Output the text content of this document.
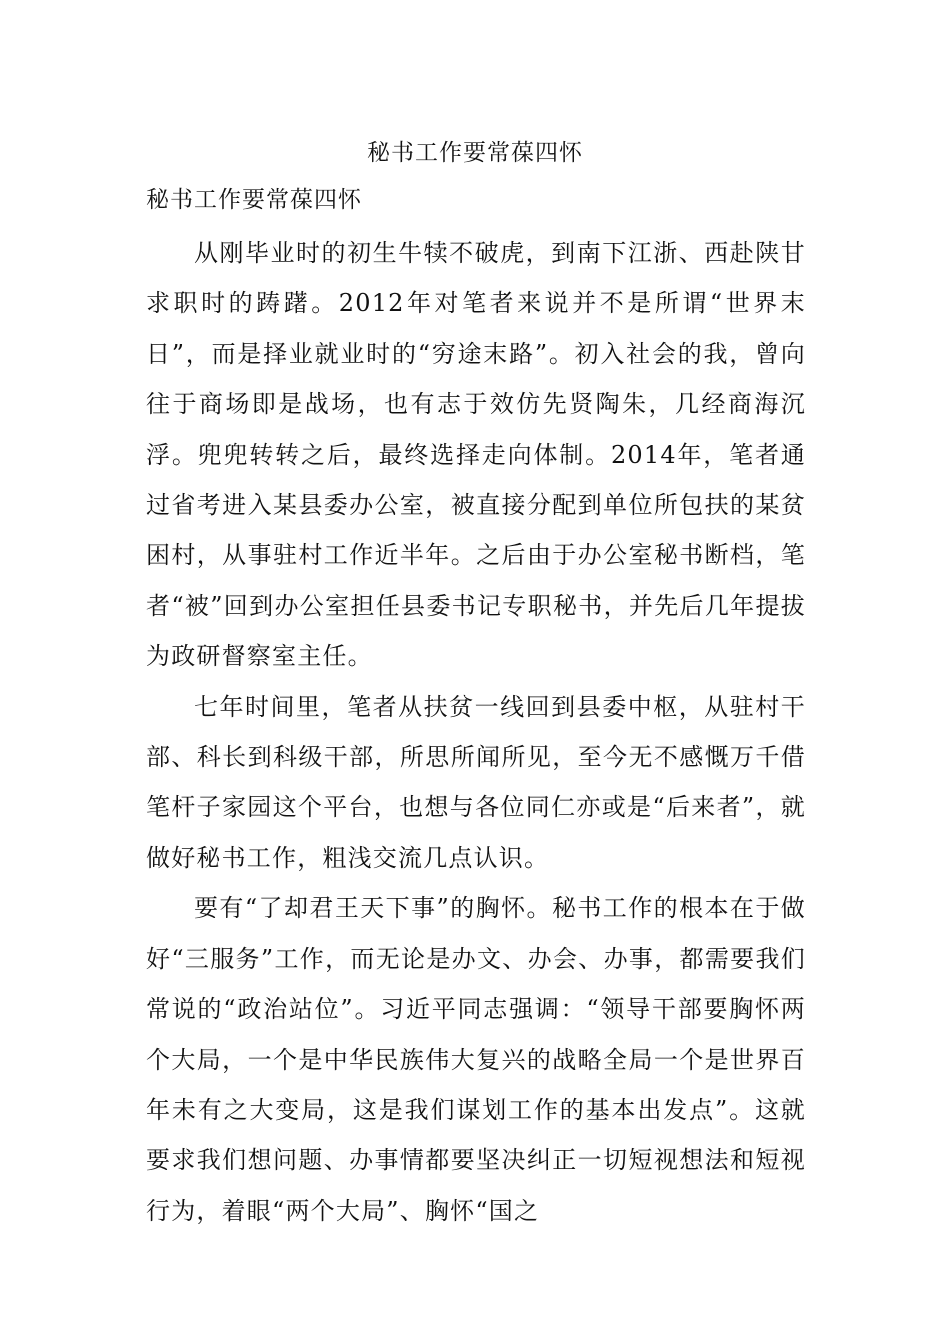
秘书工作要常葆四怀
秘书工作要常葆四怀

从刚毕业时的初生牛犊不破虎，到南下江浙、西赴陕甘求职时的踌躇。2012年对笔者来说并不是所谓“世界末日”，而是择业就业时的“穷途末路”。初入社会的我，曾向往于商场即是战场，也有志于效仿先贤陶朱，几经商海沉浮。兜兜转转之后，最终选择走向体制。2014年，笔者通过省考进入某县委办公室，被直接分配到单位所包扶的某贫困村，从事驻村工作近半年。之后由于办公室秘书断档，笔者“被”回到办公室担任县委书记专职秘书，并先后几年提拔为政研督察室主任。

七年时间里，笔者从扶贫一线回到县委中枢，从驻村干部、科长到科级干部，所思所闻所见，至今无不感慨万千借笔杆子家园这个平台，也想与各位同仁亦或是“后来者”，就做好秘书工作，粗浅交流几点认识。

要有“了却君王天下事”的胸怀。秘书工作的根本在于做好“三服务”工作，而无论是办文、办会、办事，都需要我们常说的“政治站位”。习近平同志强调：“领导干部要胸怀两个大局，一个是中华民族伟大复兴的战略全局一个是世界百年未有之大变局，这是我们谋划工作的基本出发点”。这就要求我们想问题、办事情都要坚决纠正一切短视想法和短视行为，着眼“两个大局”、胸怀“国之
